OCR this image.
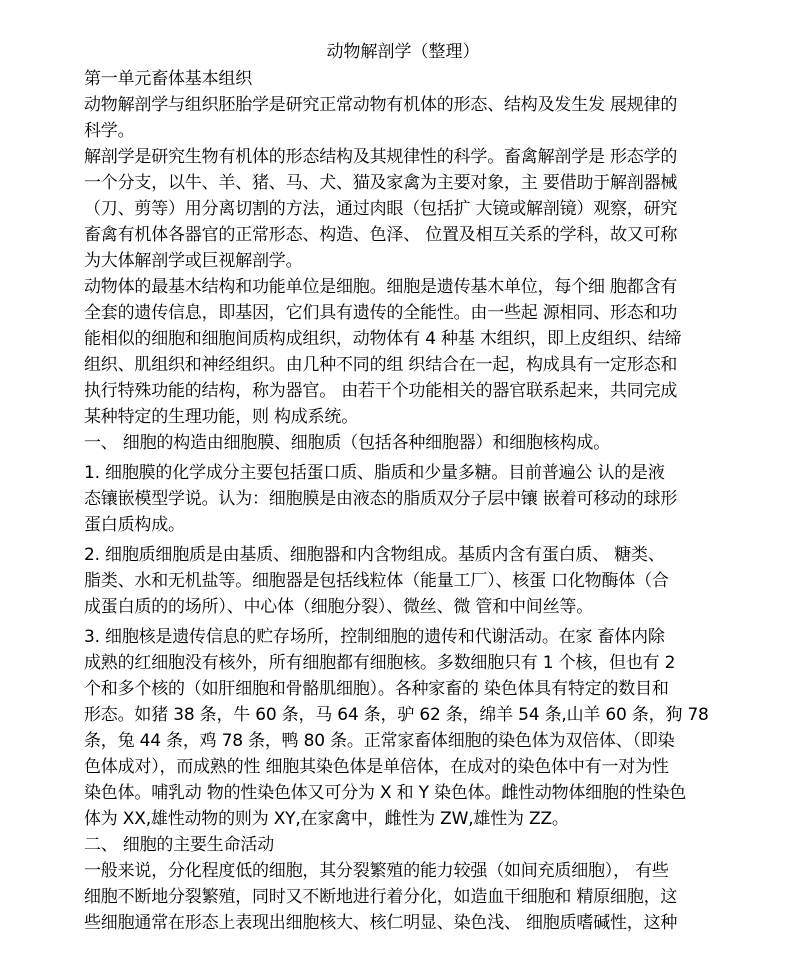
动物解剖学（整理）
第一单元畜体基本组织
动物解剖学与组织胚胎学是研究正常动物有机体的形态、结构及发生发 展规律的
科学。
解剖学是研究生物有机体的形态结构及其规律性的科学。畜禽解剖学是 形态学的
一个分支，以牛、羊、猪、马、犬、猫及家禽为主要对象，主 要借助于解剖器械
（刀、剪等）用分离切割的方法，通过肉眼（包括扩 大镜或解剖镜）观察，研究
畜禽有机体各器官的正常形态、构造、色泽、 位置及相互关系的学科，故又可称
为大体解剖学或巨视解剖学。
动物体的最基木结构和功能单位是细胞。细胞是遗传基木单位，每个细 胞都含有
全套的遗传信息，即基因，它们具有遗传的全能性。由一些起 源相同、形态和功
能相似的细胞和细胞间质构成组织，动物体有 4 种基 木组织，即上皮组织、结缔
组织、肌组织和神经组织。由几种不同的组 织结合在一起，构成具有一定形态和
执行特殊功能的结构，称为器官。 由若干个功能相关的器官联系起来，共同完成
某种特定的生理功能，则 构成系统。
一、 细胞的构造由细胞膜、细胞质（包括各种细胞器）和细胞核构成。
1. 细胞膜的化学成分主要包括蛋口质、脂质和少量多糖。目前普遍公 认的是液
态镶嵌模型学说。认为：细胞膜是由液态的脂质双分子层中镶 嵌着可移动的球形
蛋白质构成。
2. 细胞质细胞质是由基质、细胞器和内含物组成。基质内含有蛋白质、 糖类、
脂类、水和无机盐等。细胞器是包括线粒体（能量工厂）、核蛋 口化物酶体（合
成蛋白质的的场所）、中心体（细胞分裂）、微丝、微 管和中间丝等。
3. 细胞核是遗传信息的贮存场所，控制细胞的遗传和代谢活动。在家 畜体内除
成熟的红细胞没有核外，所有细胞都有细胞核。多数细胞只有 1 个核，但也有 2
个和多个核的（如肝细胞和骨骼肌细胞）。各种家畜的 染色体具有特定的数目和
形态。如猪 38 条，牛 60 条，马 64 条，驴 62 条，绵羊 54 条,山羊 60 条，狗 78
条，兔 44 条，鸡 78 条，鸭 80 条。正常家畜体细胞的染色体为双倍体、（即染
色体成对），而成熟的性 细胞其染色体是单倍体，在成对的染色体中有一对为性
染色体。哺乳动 物的性染色体又可分为 X 和 Y 染色体。雌性动物体细胞的性染色
体为 XX,雄性动物的则为 XY,在家禽中，雌性为 ZW,雄性为 ZZ。
二、 细胞的主要生命活动
一般来说，分化程度低的细胞，其分裂繁殖的能力较强（如间充质细胞）， 有些
细胞不断地分裂繁殖，同时又不断地进行着分化，如造血干细胞和 精原细胞，这
些细胞通常在形态上表现出细胞核大、核仁明显、染色浅、 细胞质嗜碱性，这种
